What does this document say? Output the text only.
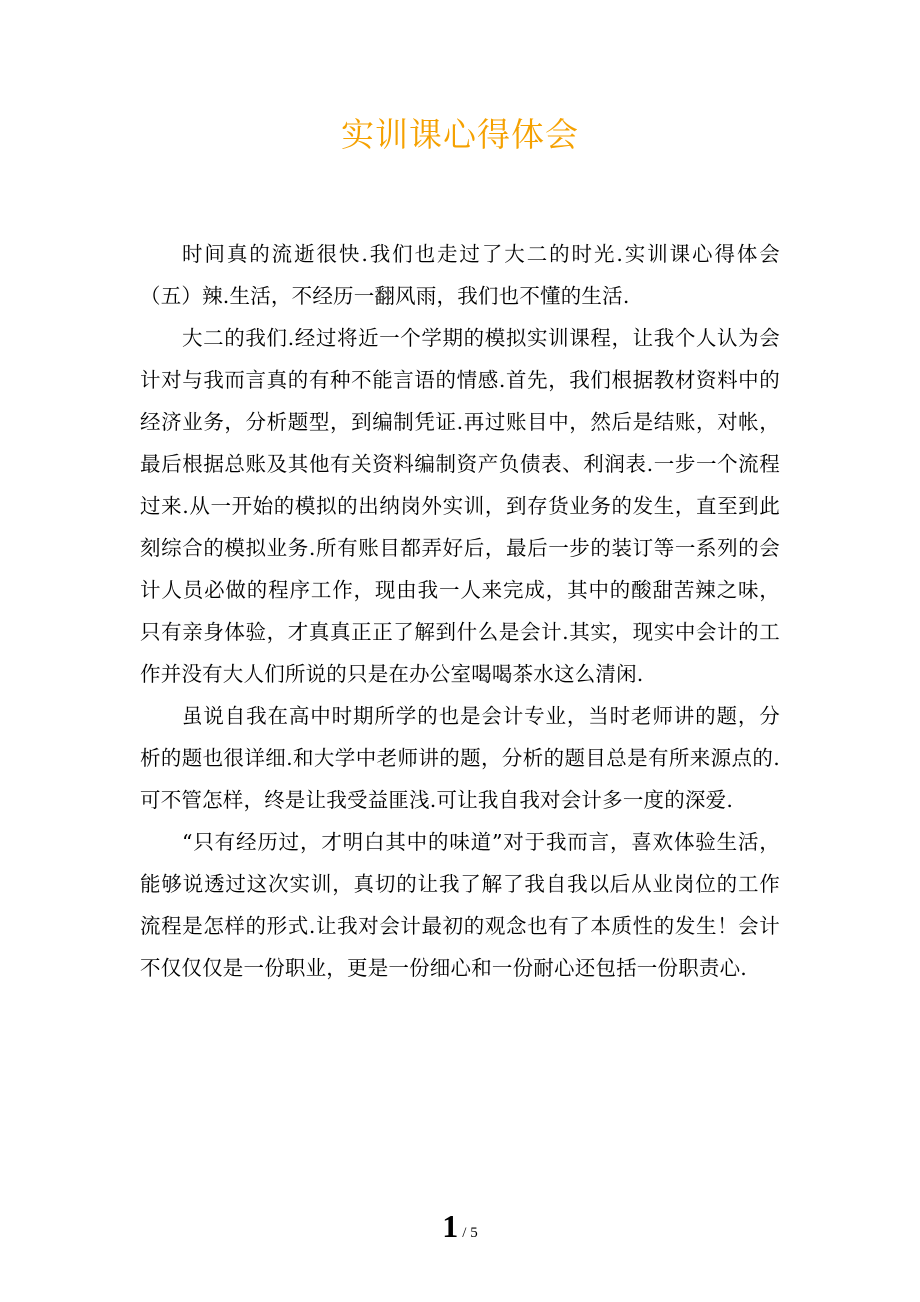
实训课心得体会

时间真的流逝很快.我们也走过了大二的时光.实训课心得体会（五）辣.生活，不经历一翻风雨，我们也不懂的生活.

大二的我们.经过将近一个学期的模拟实训课程，让我个人认为会计对与我而言真的有种不能言语的情感.首先，我们根据教材资料中的经济业务，分析题型，到编制凭证.再过账目中，然后是结账，对帐，最后根据总账及其他有关资料编制资产负债表、利润表.一步一个流程过来.从一开始的模拟的出纳岗外实训，到存货业务的发生，直至到此刻综合的模拟业务.所有账目都弄好后，最后一步的装订等一系列的会计人员必做的程序工作，现由我一人来完成，其中的酸甜苦辣之味，只有亲身体验，才真真正正了解到什么是会计.其实，现实中会计的工作并没有大人们所说的只是在办公室喝喝茶水这么清闲.

虽说自我在高中时期所学的也是会计专业，当时老师讲的题，分析的题也很详细.和大学中老师讲的题，分析的题目总是有所来源点的.可不管怎样，终是让我受益匪浅.可让我自我对会计多一度的深爱.

“只有经历过，才明白其中的味道”对于我而言，喜欢体验生活，能够说透过这次实训，真切的让我了解了我自我以后从业岗位的工作流程是怎样的形式.让我对会计最初的观念也有了本质性的发生！会计不仅仅仅是一份职业，更是一份细心和一份耐心还包括一份职责心.

1 / 5
